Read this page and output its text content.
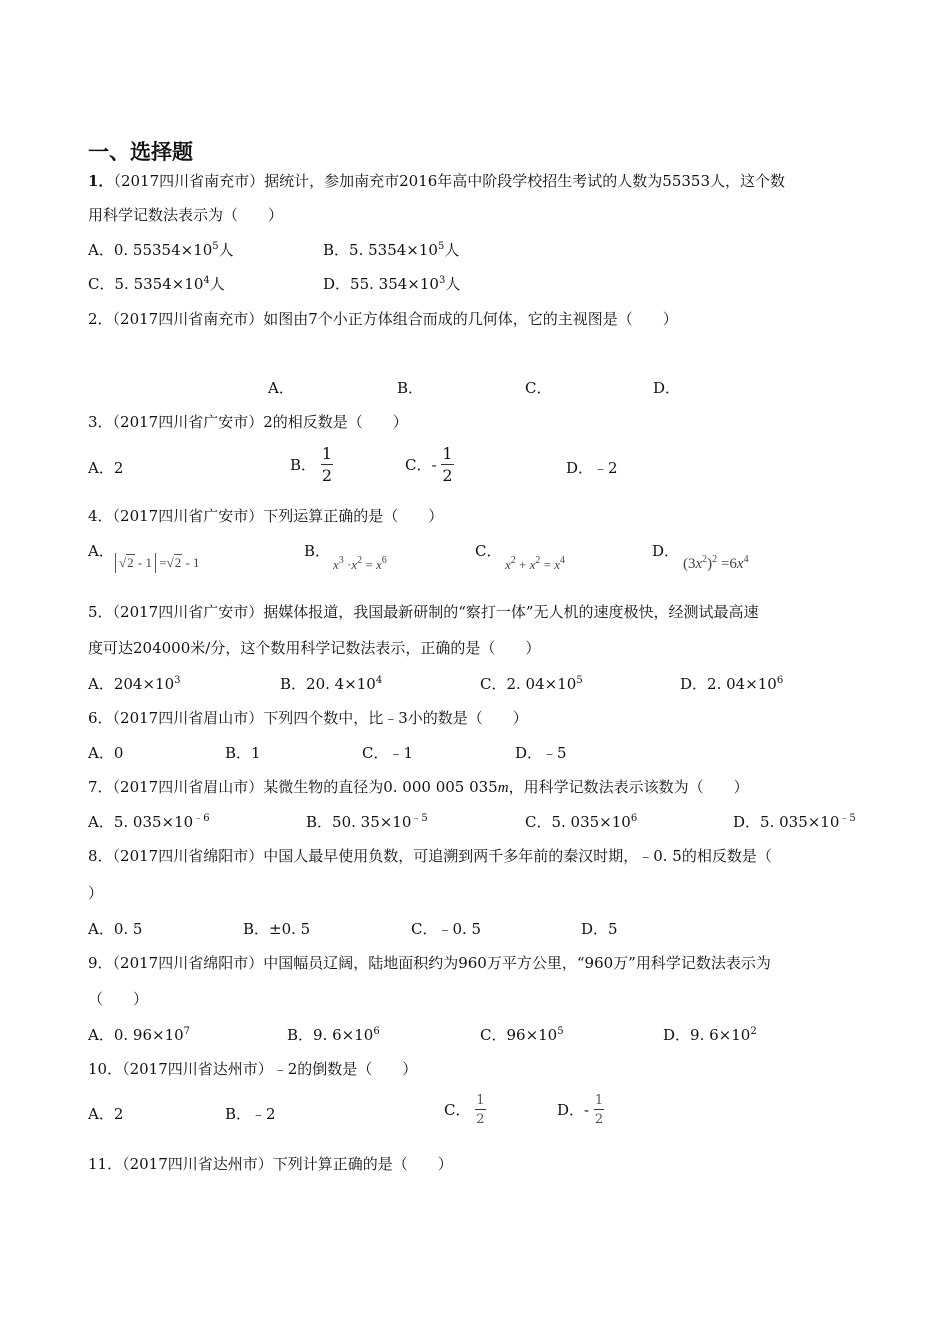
一、选择题
1．（2017四川省南充市）据统计，参加南充市2016年高中阶段学校招生考试的人数为55353人，这个数
用科学记数法表示为（　　）
A．0. $55354\times 10^5$人	B．5. $5354\times 10^5$人
C．5. $5354\times 10^4$人	D．55. $354\times 10^3$人
2．（2017四川省南充市）如图由7个小正方体组合而成的几何体，它的主视图是（　　）
A．	B．	C．	D．
3．（2017四川省广安市）2的相反数是（　　）
A．2	B． $\frac{1}{2}$	C．- $\frac{1}{2}$	D．﹣2
4．（2017四川省广安市）下列运算正确的是（　　）
A．
√2 - 1 =√2 - 1
B．
$x^3 \cdot x^2 = x^6$
C．
$x^2 + x^2 = x^4$
D．
$(3x^2)^2 =6x^4$
5．（2017四川省广安市）据媒体报道，我国最新研制的“察打一体”无人机的速度极快，经测试最高速
度可达204000米/分，这个数用科学记数法表示，正确的是（　　）
A．$204\times 10^3$	B．20. $4\times 10^4$	C．2. $04\times 10^5$	D．2. $04\times 10^6$
6．（2017四川省眉山市）下列四个数中，比﹣3小的数是（　　）
A．0	B．1	C．﹣1	D．﹣5
7．（2017四川省眉山市）某微生物的直径为0. 000 005 035m，用科学记数法表示该数为（　　）
A．5. $035\times 10^{﹣6}$	B．50. $35\times 10^{﹣5}$	C．5. $035\times 10^6$	D．5. $035\times 10^{﹣5}$
8．（2017四川省绵阳市）中国人最早使用负数，可追溯到两千多年前的秦汉时期，﹣0. 5的相反数是（
）
A．0. 5	B．±0. 5	C．﹣0. 5	D．5
9．（2017四川省绵阳市）中国幅员辽阔，陆地面积约为960万平方公里，“960万”用科学记数法表示为
（　　）
A．0. $96\times 10^7$	B．9. $6\times 10^6$	C．$96\times 10^5$	D．9. $6\times 10^2$
10．（2017四川省达州市）﹣2的倒数是（　　）
A．2	B．﹣2	C． $\frac{1}{2}$	D．- $\frac{1}{2}$
11．（2017四川省达州市）下列计算正确的是（　　）
